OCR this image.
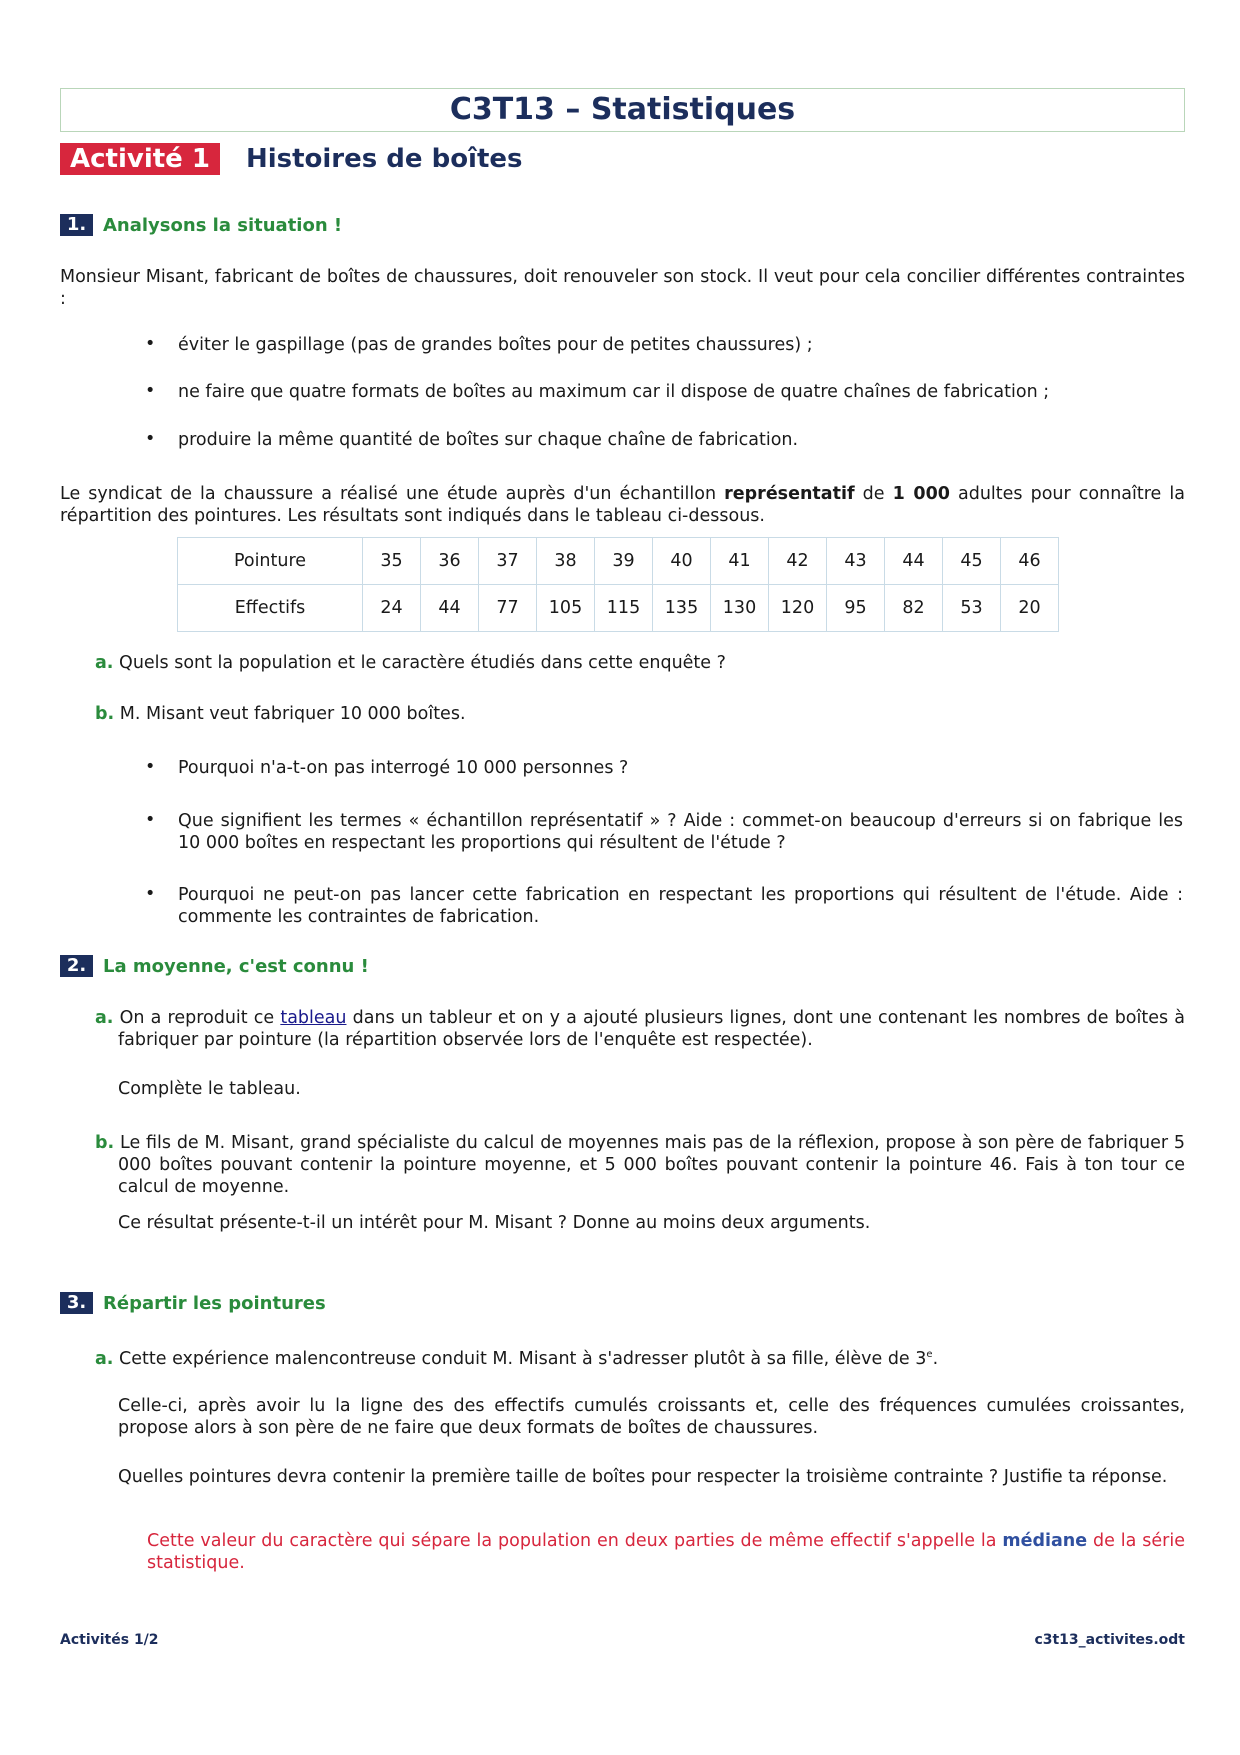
C3T13 – Statistiques
Activité 1	Histoires de boîtes
1. Analysons la situation !
Monsieur Misant, fabricant de boîtes de chaussures, doit renouveler son stock. Il veut pour cela concilier différentes contraintes :
• éviter le gaspillage (pas de grandes boîtes pour de petites chaussures) ;
• ne faire que quatre formats de boîtes au maximum car il dispose de quatre chaînes de fabrication ;
• produire la même quantité de boîtes sur chaque chaîne de fabrication.
Le syndicat de la chaussure a réalisé une étude auprès d'un échantillon représentatif de 1 000 adultes pour connaître la répartition des pointures. Les résultats sont indiqués dans le tableau ci-dessous.
Pointure	35	36	37	38	39	40	41	42	43	44	45	46
Effectifs	24	44	77	105	115	135	130	120	95	82	53	20
a. Quels sont la population et le caractère étudiés dans cette enquête ?
b. M. Misant veut fabriquer 10 000 boîtes.
• Pourquoi n'a-t-on pas interrogé 10 000 personnes ?
• Que signifient les termes « échantillon représentatif » ? Aide : commet-on beaucoup d'erreurs si on fabrique les 10 000 boîtes en respectant les proportions qui résultent de l'étude ?
• Pourquoi ne peut-on pas lancer cette fabrication en respectant les proportions qui résultent de l'étude. Aide : commente les contraintes de fabrication.
2. La moyenne, c'est connu !
a. On a reproduit ce tableau dans un tableur et on y a ajouté plusieurs lignes, dont une contenant les nombres de boîtes à fabriquer par pointure (la répartition observée lors de l'enquête est respectée).
Complète le tableau.
b. Le fils de M. Misant, grand spécialiste du calcul de moyennes mais pas de la réflexion, propose à son père de fabriquer 5 000 boîtes pouvant contenir la pointure moyenne, et 5 000 boîtes pouvant contenir la pointure 46. Fais à ton tour ce calcul de moyenne.
Ce résultat présente-t-il un intérêt pour M. Misant ? Donne au moins deux arguments.
3. Répartir les pointures
a. Cette expérience malencontreuse conduit M. Misant à s'adresser plutôt à sa fille, élève de 3e.
Celle-ci, après avoir lu la ligne des des effectifs cumulés croissants et, celle des fréquences cumulées croissantes, propose alors à son père de ne faire que deux formats de boîtes de chaussures.
Quelles pointures devra contenir la première taille de boîtes pour respecter la troisième contrainte ? Justifie ta réponse.
Cette valeur du caractère qui sépare la population en deux parties de même effectif s'appelle la médiane de la série statistique.
Activités 1/2	c3t13_activites.odt
